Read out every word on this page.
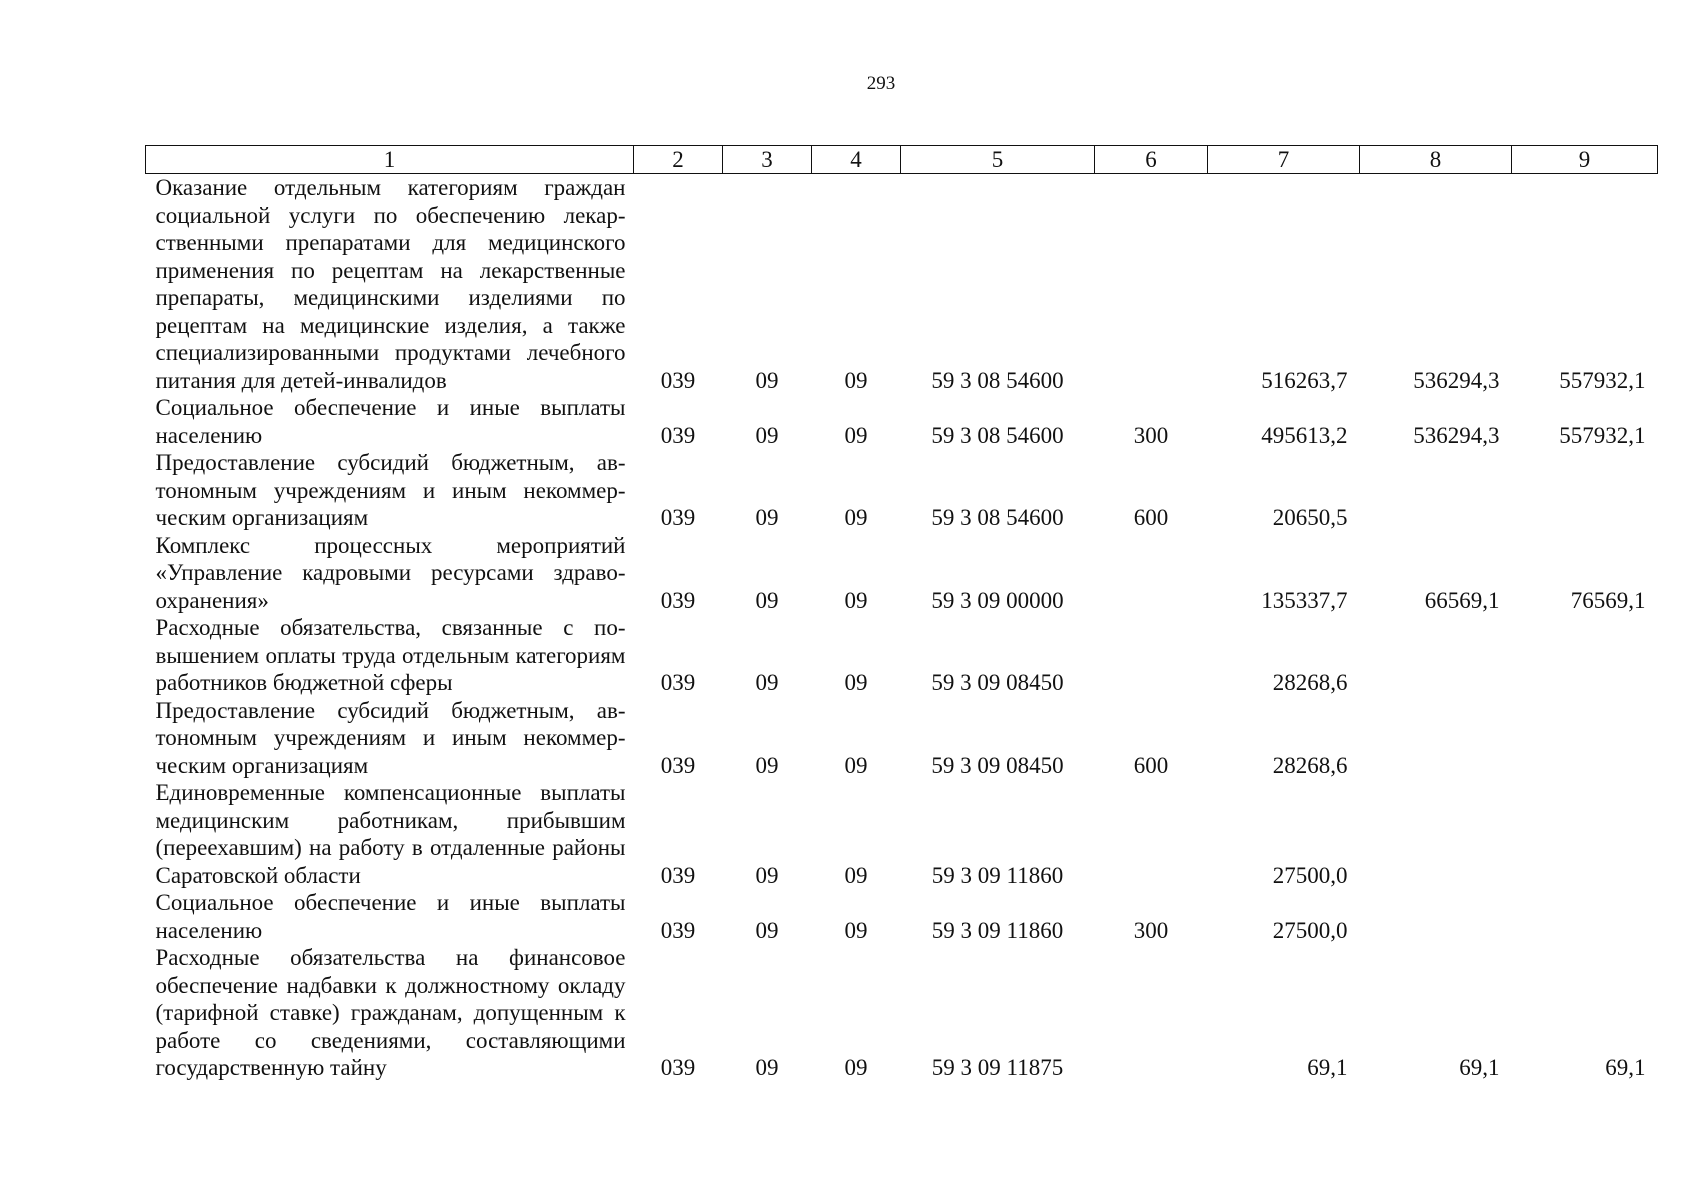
293
1	2	3	4	5	6	7	8	9
Оказание отдельным категориям граждан социальной услуги по обеспечению лекарственными препаратами для медицинского применения по рецептам на лекарственные препараты, медицинскими изделиями по рецептам на медицинские изделия, а также специализированными продуктами лечебного питания для детей-инвалидов	039	09	09	59 3 08 54600		516263,7	536294,3	557932,1
Социальное обеспечение и иные выплаты населению	039	09	09	59 3 08 54600	300	495613,2	536294,3	557932,1
Предоставление субсидий бюджетным, автономным учреждениям и иным некоммерческим организациям	039	09	09	59 3 08 54600	600	20650,5		
Комплекс процессных мероприятий «Управление кадровыми ресурсами здравоохранения»	039	09	09	59 3 09 00000		135337,7	66569,1	76569,1
Расходные обязательства, связанные с повышением оплаты труда отдельным категориям работников бюджетной сферы	039	09	09	59 3 09 08450		28268,6		
Предоставление субсидий бюджетным, автономным учреждениям и иным некоммерческим организациям	039	09	09	59 3 09 08450	600	28268,6		
Единовременные компенсационные выплаты медицинским работникам, прибывшим (переехавшим) на работу в отдаленные районы Саратовской области	039	09	09	59 3 09 11860		27500,0		
Социальное обеспечение и иные выплаты населению	039	09	09	59 3 09 11860	300	27500,0		
Расходные обязательства на финансовое обеспечение надбавки к должностному окладу (тарифной ставке) гражданам, допущенным к работе со сведениями, составляющими государственную тайну	039	09	09	59 3 09 11875		69,1	69,1	69,1
